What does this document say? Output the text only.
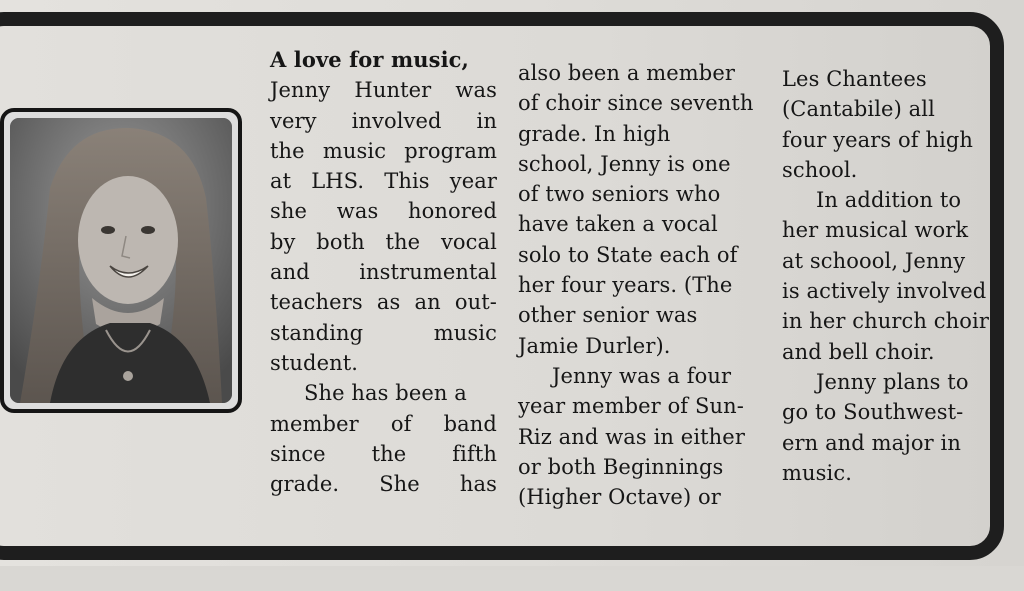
A love for music,
Jenny Hunter was
very involved in
the music program
at LHS. This year
she was honored
by both the vocal
and instrumental
teachers as an out-
standing	music
student.
She has been a
member of band
since the fifth
grade. She has
also been a member
of choir since seventh
grade. In high
school, Jenny is one
of two seniors who
have taken a vocal
solo to State each of
her four years. (The
other senior was
Jamie Durler).
Jenny was a four
year member of Sun-
Riz and was in either
or both Beginnings
(Higher Octave) or
Les Chantees
(Cantabile) all
four years of high
school.
In addition to
her musical work
at schoool, Jenny
is actively involved
in her church choir
and bell choir.
Jenny plans to
go to Southwest-
ern and major in
music.
